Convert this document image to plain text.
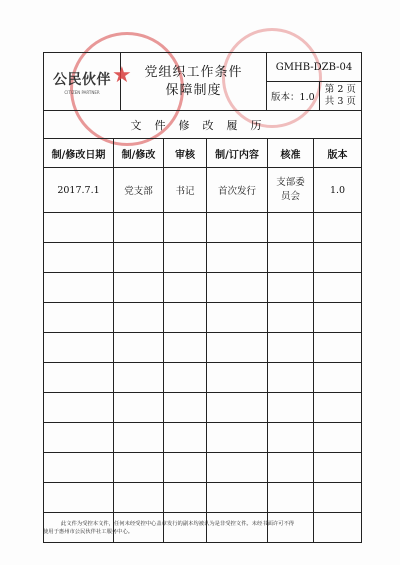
公民伙伴
CITIZEN PARTNER

党组织工作条件
保障制度
	GMHB-DZB-04

版本：1.0	
第 2 页
共 3 页
文件修改履历					
制/修改日期	制/修改	审核	制/订内容	核准	版本
2017.7.1	党支部	书记	首次发行	支部委员会	1.0

★
此文件为受控本文件，任何未经受控中心盖章发行的副本均被认为是非受控文件。未经书面许可不得
使用于惠州市公民伙伴社工服务中心。
